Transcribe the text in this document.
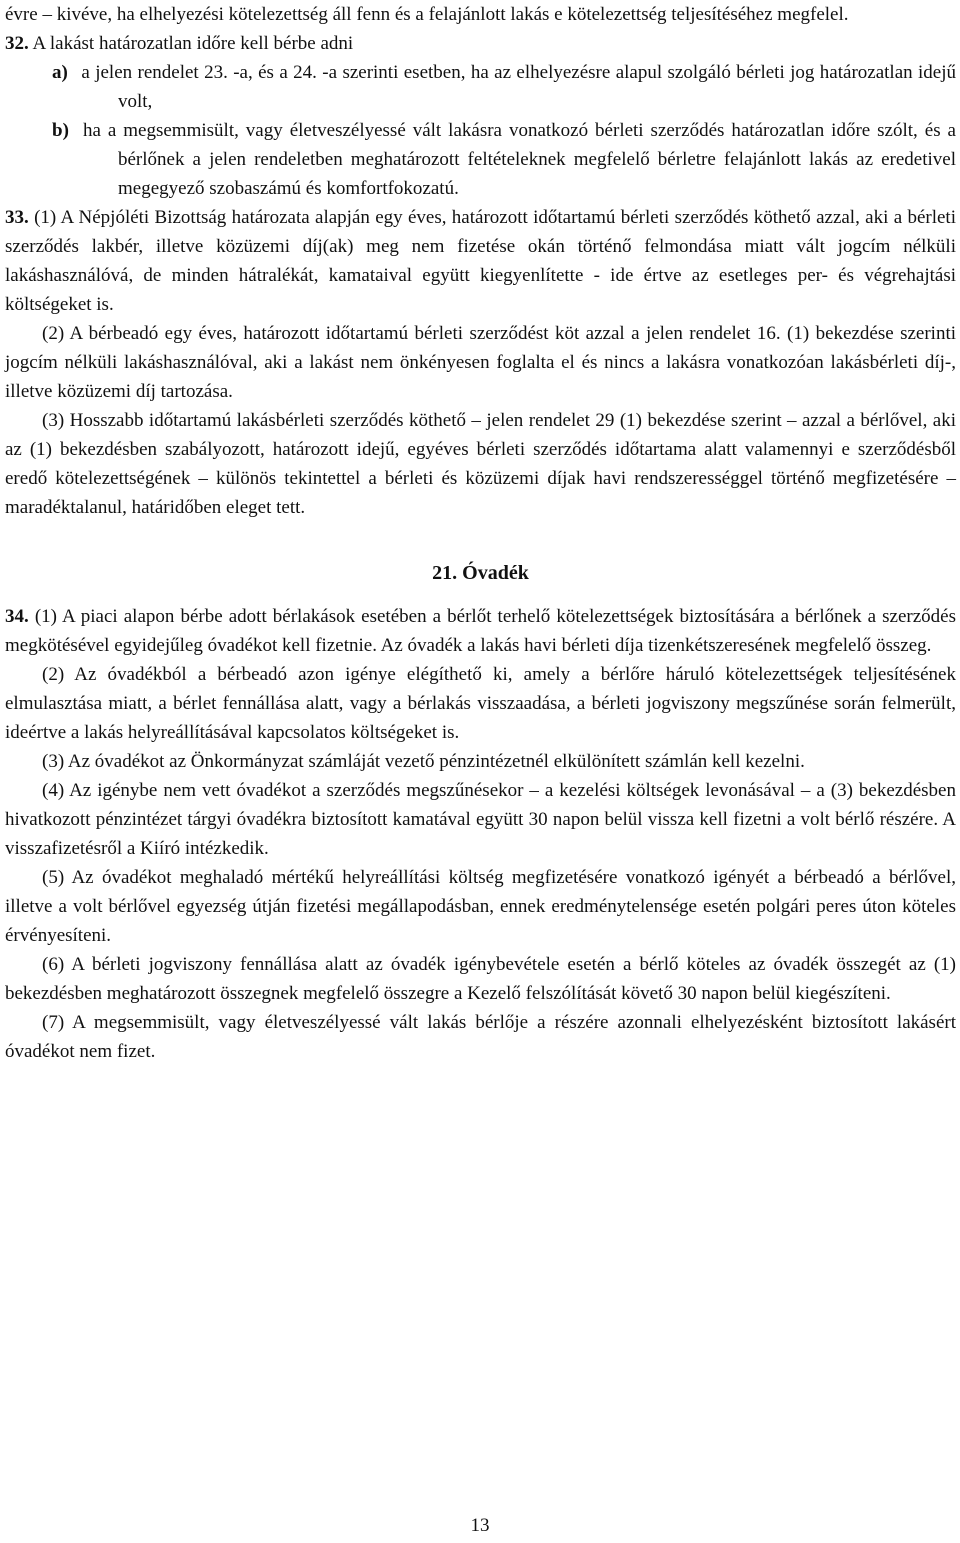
évre – kivéve, ha elhelyezési kötelezettség áll fenn és a felajánlott lakás e kötelezettség teljesítéséhez megfelel.

32. A lakást határozatlan időre kell bérbe adni

a) a jelen rendelet 23. -a, és a 24. -a szerinti esetben, ha az elhelyezésre alapul szolgáló bérleti jog határozatlan idejű volt,

b) ha a megsemmisült, vagy életveszélyessé vált lakásra vonatkozó bérleti szerződés határozatlan időre szólt, és a bérlőnek a jelen rendeletben meghatározott feltételeknek megfelelő bérletre felajánlott lakás az eredetivel megegyező szobaszámú és komfortfokozatú.

33. (1) A Népjóléti Bizottság határozata alapján egy éves, határozott időtartamú bérleti szerződés köthető azzal, aki a bérleti szerződés lakbér, illetve közüzemi díj(ak) meg nem fizetése okán történő felmondása miatt vált jogcím nélküli lakáshasználóvá, de minden hátralékát, kamataival együtt kiegyenlítette - ide értve az esetleges per- és végrehajtási költségeket is.

(2) A bérbeadó egy éves, határozott időtartamú bérleti szerződést köt azzal a jelen rendelet 16. (1) bekezdése szerinti jogcím nélküli lakáshasználóval, aki a lakást nem önkényesen foglalta el és nincs a lakásra vonatkozóan lakásbérleti díj-, illetve közüzemi díj tartozása.

(3) Hosszabb időtartamú lakásbérleti szerződés köthető – jelen rendelet 29 (1) bekezdése szerint – azzal a bérlővel, aki az (1) bekezdésben szabályozott, határozott idejű, egyéves bérleti szerződés időtartama alatt valamennyi e szerződésből eredő kötelezettségének – különös tekintettel a bérleti és közüzemi díjak havi rendszerességgel történő megfizetésére – maradéktalanul, határidőben eleget tett.

21. Óvadék

34. (1) A piaci alapon bérbe adott bérlakások esetében a bérlőt terhelő kötelezettségek biztosítására a bérlőnek a szerződés megkötésével egyidejűleg óvadékot kell fizetnie. Az óvadék a lakás havi bérleti díja tizenkétszeresének megfelelő összeg.

(2) Az óvadékból a bérbeadó azon igénye elégíthető ki, amely a bérlőre háruló kötelezettségek teljesítésének elmulasztása miatt, a bérlet fennállása alatt, vagy a bérlakás visszaadása, a bérleti jogviszony megszűnése során felmerült, ideértve a lakás helyreállításával kapcsolatos költségeket is.

(3) Az óvadékot az Önkormányzat számláját vezető pénzintézetnél elkülönített számlán kell kezelni.

(4) Az igénybe nem vett óvadékot a szerződés megszűnésekor – a kezelési költségek levonásával – a (3) bekezdésben hivatkozott pénzintézet tárgyi óvadékra biztosított kamatával együtt 30 napon belül vissza kell fizetni a volt bérlő részére. A visszafizetésről a Kiíró intézkedik.

(5) Az óvadékot meghaladó mértékű helyreállítási költség megfizetésére vonatkozó igényét a bérbeadó a bérlővel, illetve a volt bérlővel egyezség útján fizetési megállapodásban, ennek eredménytelensége esetén polgári peres úton köteles érvényesíteni.

(6) A bérleti jogviszony fennállása alatt az óvadék igénybevétele esetén a bérlő köteles az óvadék összegét az (1) bekezdésben meghatározott összegnek megfelelő összegre a Kezelő felszólítását követő 30 napon belül kiegészíteni.

(7) A megsemmisült, vagy életveszélyessé vált lakás bérlője a részére azonnali elhelyezésként biztosított lakásért óvadékot nem fizet.

13
